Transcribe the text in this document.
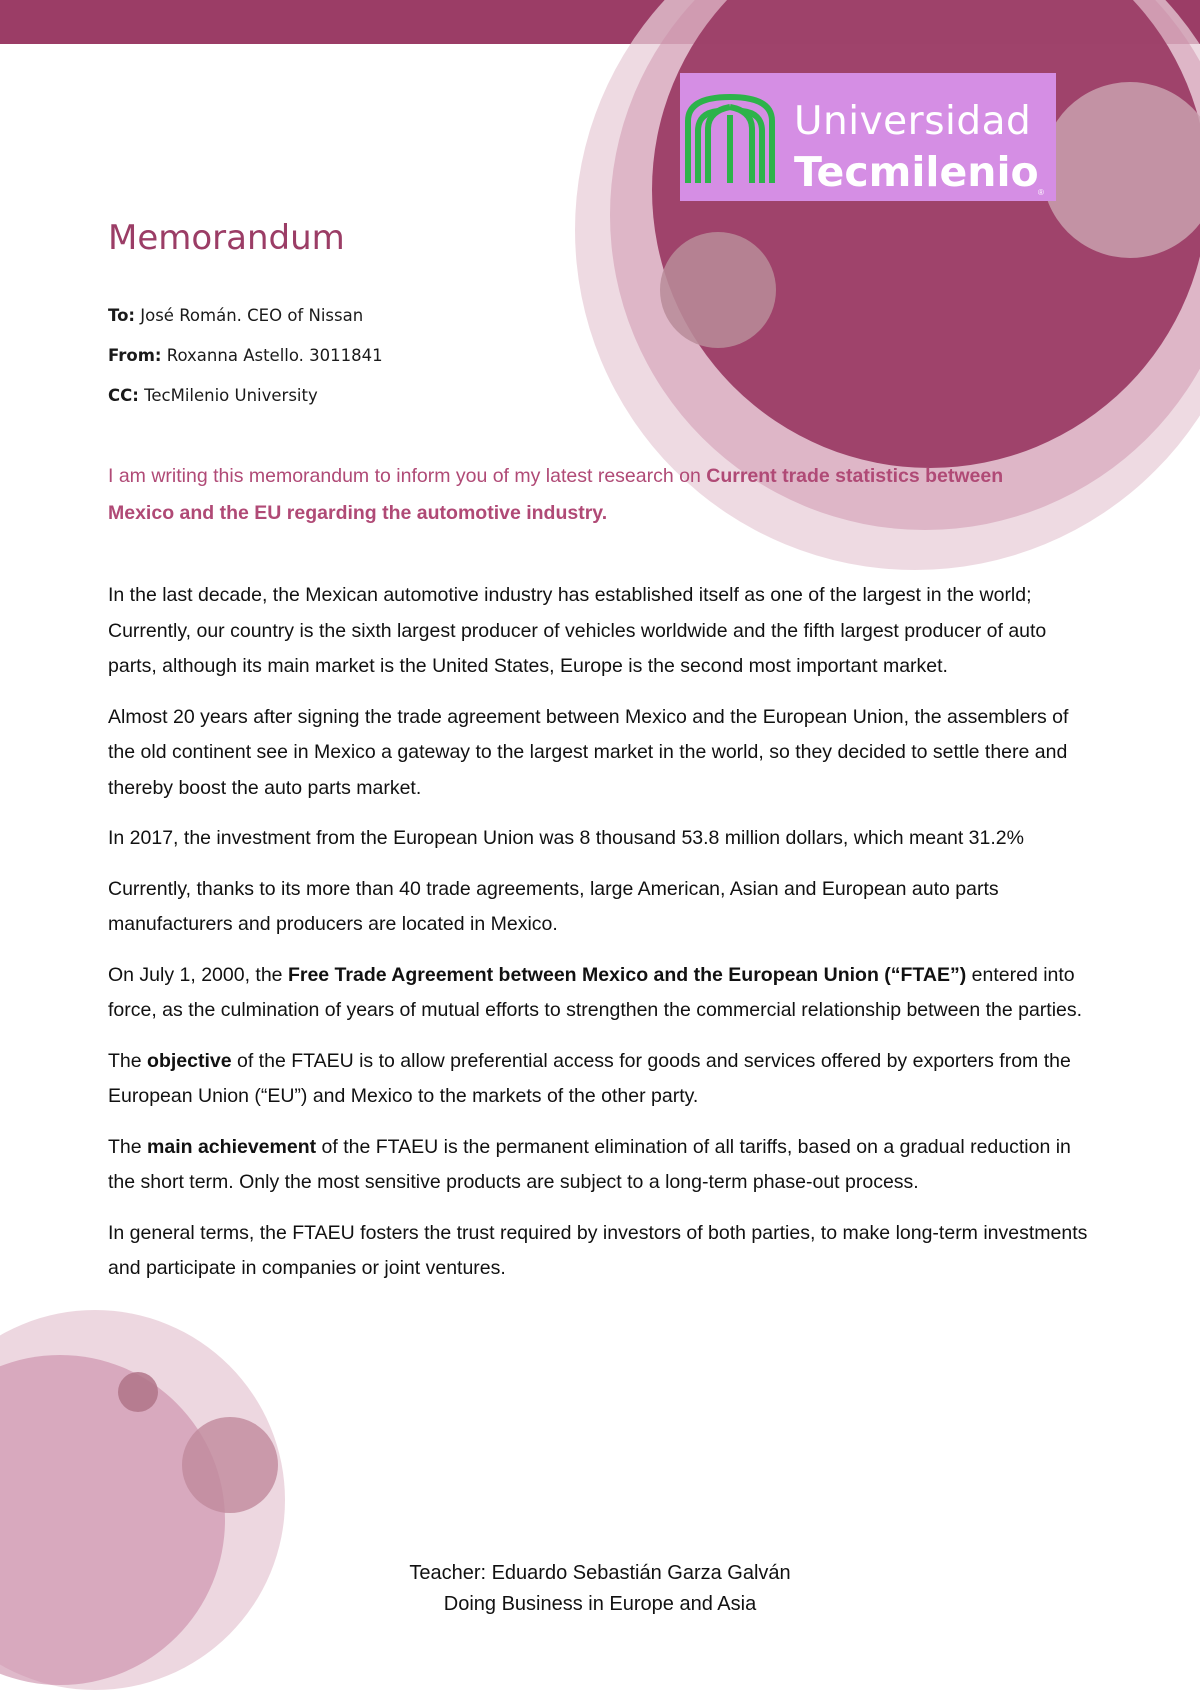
Universidad
Tecmilenio ®
Memorandum
To: José Román. CEO of Nissan
From: Roxanna Astello. 3011841
CC: TecMilenio University
I am writing this memorandum to inform you of my latest research on Current trade statistics between Mexico and the EU regarding the automotive industry.

In the last decade, the Mexican automotive industry has established itself as one of the largest in the world; Currently, our country is the sixth largest producer of vehicles worldwide and the fifth largest producer of auto parts, although its main market is the United States, Europe is the second most important market.

Almost 20 years after signing the trade agreement between Mexico and the European Union, the assemblers of the old continent see in Mexico a gateway to the largest market in the world, so they decided to settle there and thereby boost the auto parts market.

In 2017, the investment from the European Union was 8 thousand 53.8 million dollars, which meant 31.2%

Currently, thanks to its more than 40 trade agreements, large American, Asian and European auto parts manufacturers and producers are located in Mexico.

On July 1, 2000, the Free Trade Agreement between Mexico and the European Union (“FTAE”) entered into force, as the culmination of years of mutual efforts to strengthen the commercial relationship between the parties.

The objective of the FTAEU is to allow preferential access for goods and services offered by exporters from the European Union (“EU”) and Mexico to the markets of the other party.

The main achievement of the FTAEU is the permanent elimination of all tariffs, based on a gradual reduction in the short term. Only the most sensitive products are subject to a long-term phase-out process.

In general terms, the FTAEU fosters the trust required by investors of both parties, to make long-term investments and participate in companies or joint ventures.

Teacher: Eduardo Sebastián Garza Galván
Doing Business in Europe and Asia
